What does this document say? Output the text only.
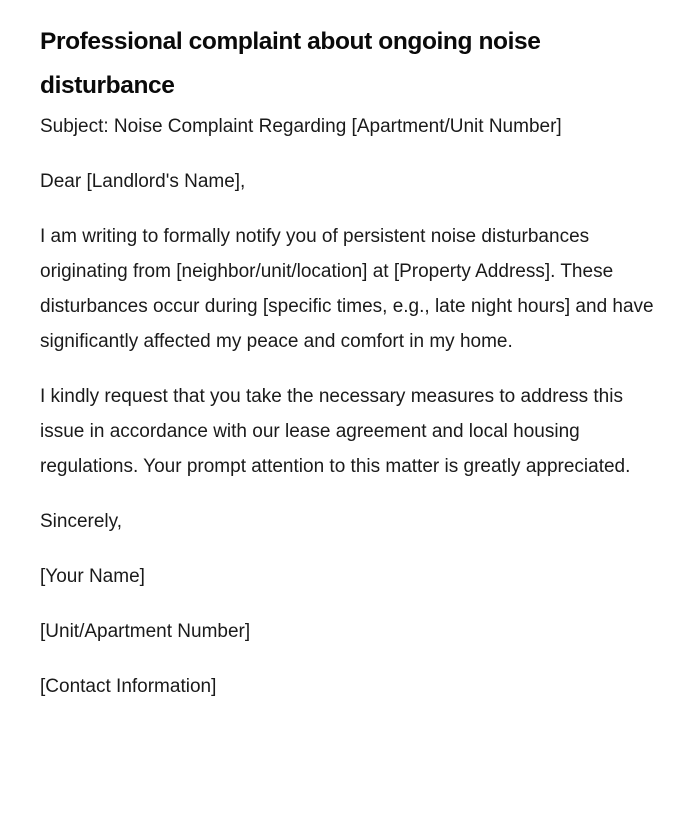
Professional complaint about ongoing noise disturbance

Subject: Noise Complaint Regarding [Apartment/Unit Number]

Dear [Landlord's Name],

I am writing to formally notify you of persistent noise disturbances originating from [neighbor/unit/location] at [Property Address]. These disturbances occur during [specific times, e.g., late night hours] and have significantly affected my peace and comfort in my home.

I kindly request that you take the necessary measures to address this issue in accordance with our lease agreement and local housing regulations. Your prompt attention to this matter is greatly appreciated.

Sincerely,

[Your Name]

[Unit/Apartment Number]

[Contact Information]
